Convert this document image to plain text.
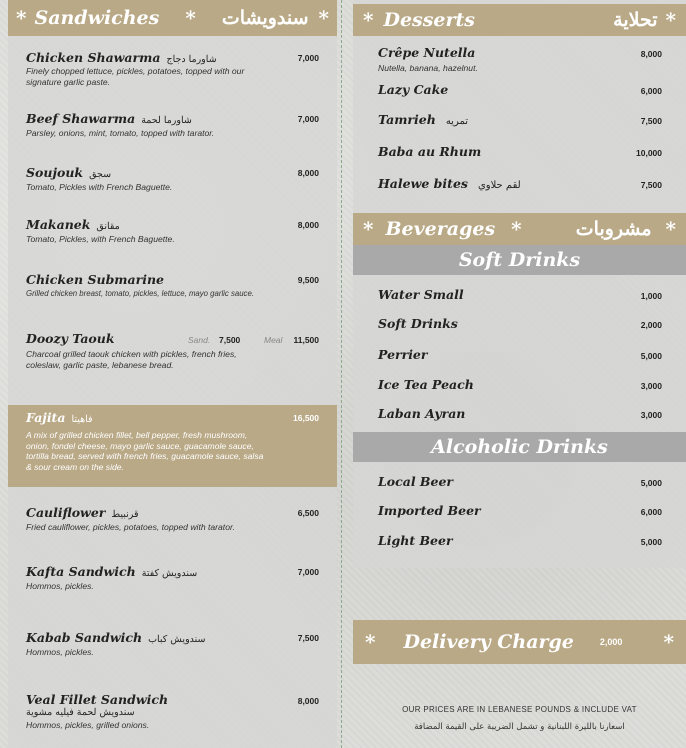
* Sandwiches * سندويشات *
Chicken Shawarma شاورما دجاج	7,000
Finely chopped lettuce, pickles, potatoes, topped with our signature garlic paste.
Beef Shawarma شاورما لحمة	7,000
Parsley, onions, mint, tomato, topped with tarator.
Soujouk سجق	8,000
Tomato, Pickles with French Baguette.
Makanek مقانق	8,000
Tomato, Pickles, with French Baguette.
Chicken Submarine	9,500
Grilled chicken breast, tomato, pickles, lettuce, mayo garlic sauce.
Doozy Taouk	Sand. 7,500	Meal 11,500
Charcoal grilled taouk chicken with pickles, french fries, coleslaw, garlic paste, lebanese bread.
Fajita فاهيتا	16,500
A mix of grilled chicken fillet, bell pepper, fresh mushroom, onion, fondel cheese, mayo garlic sauce, guacamole sauce, tortilla bread, served with french fries, guacamole sauce, salsa & sour cream on the side.
Cauliflower قرنبيط	6,500
Fried cauliflower, pickles, potatoes, topped with tarator.
Kafta Sandwich سندويش كفتة	7,000
Hommos, pickles.
Kabab Sandwich سندويش كباب	7,500
Hommos, pickles.
Veal Fillet Sandwich	8,000
سندويش لحمة فيليه مشوية
Hommos, pickles, grilled onions.
* Desserts	تحلاية *
Crêpe Nutella	8,000
Nutella, banana, hazelnut.
Lazy Cake	6,000
Tamrieh تمريه	7,500
Baba au Rhum	10,000
Halewe bites لقم حلاوي	7,500
* Beverages *	مشروبات *
Soft Drinks
Water Small	1,000
Soft Drinks	2,000
Perrier	5,000
Ice Tea Peach	3,000
Laban Ayran	3,000
Alcoholic Drinks
Local Beer	5,000
Imported Beer	6,000
Light Beer	5,000
* Delivery Charge	2,000 *
OUR PRICES ARE IN LEBANESE POUNDS & INCLUDE VAT
اسعارنا بالليرة اللبنانية و تشمل الضريبة على القيمة المضافة
